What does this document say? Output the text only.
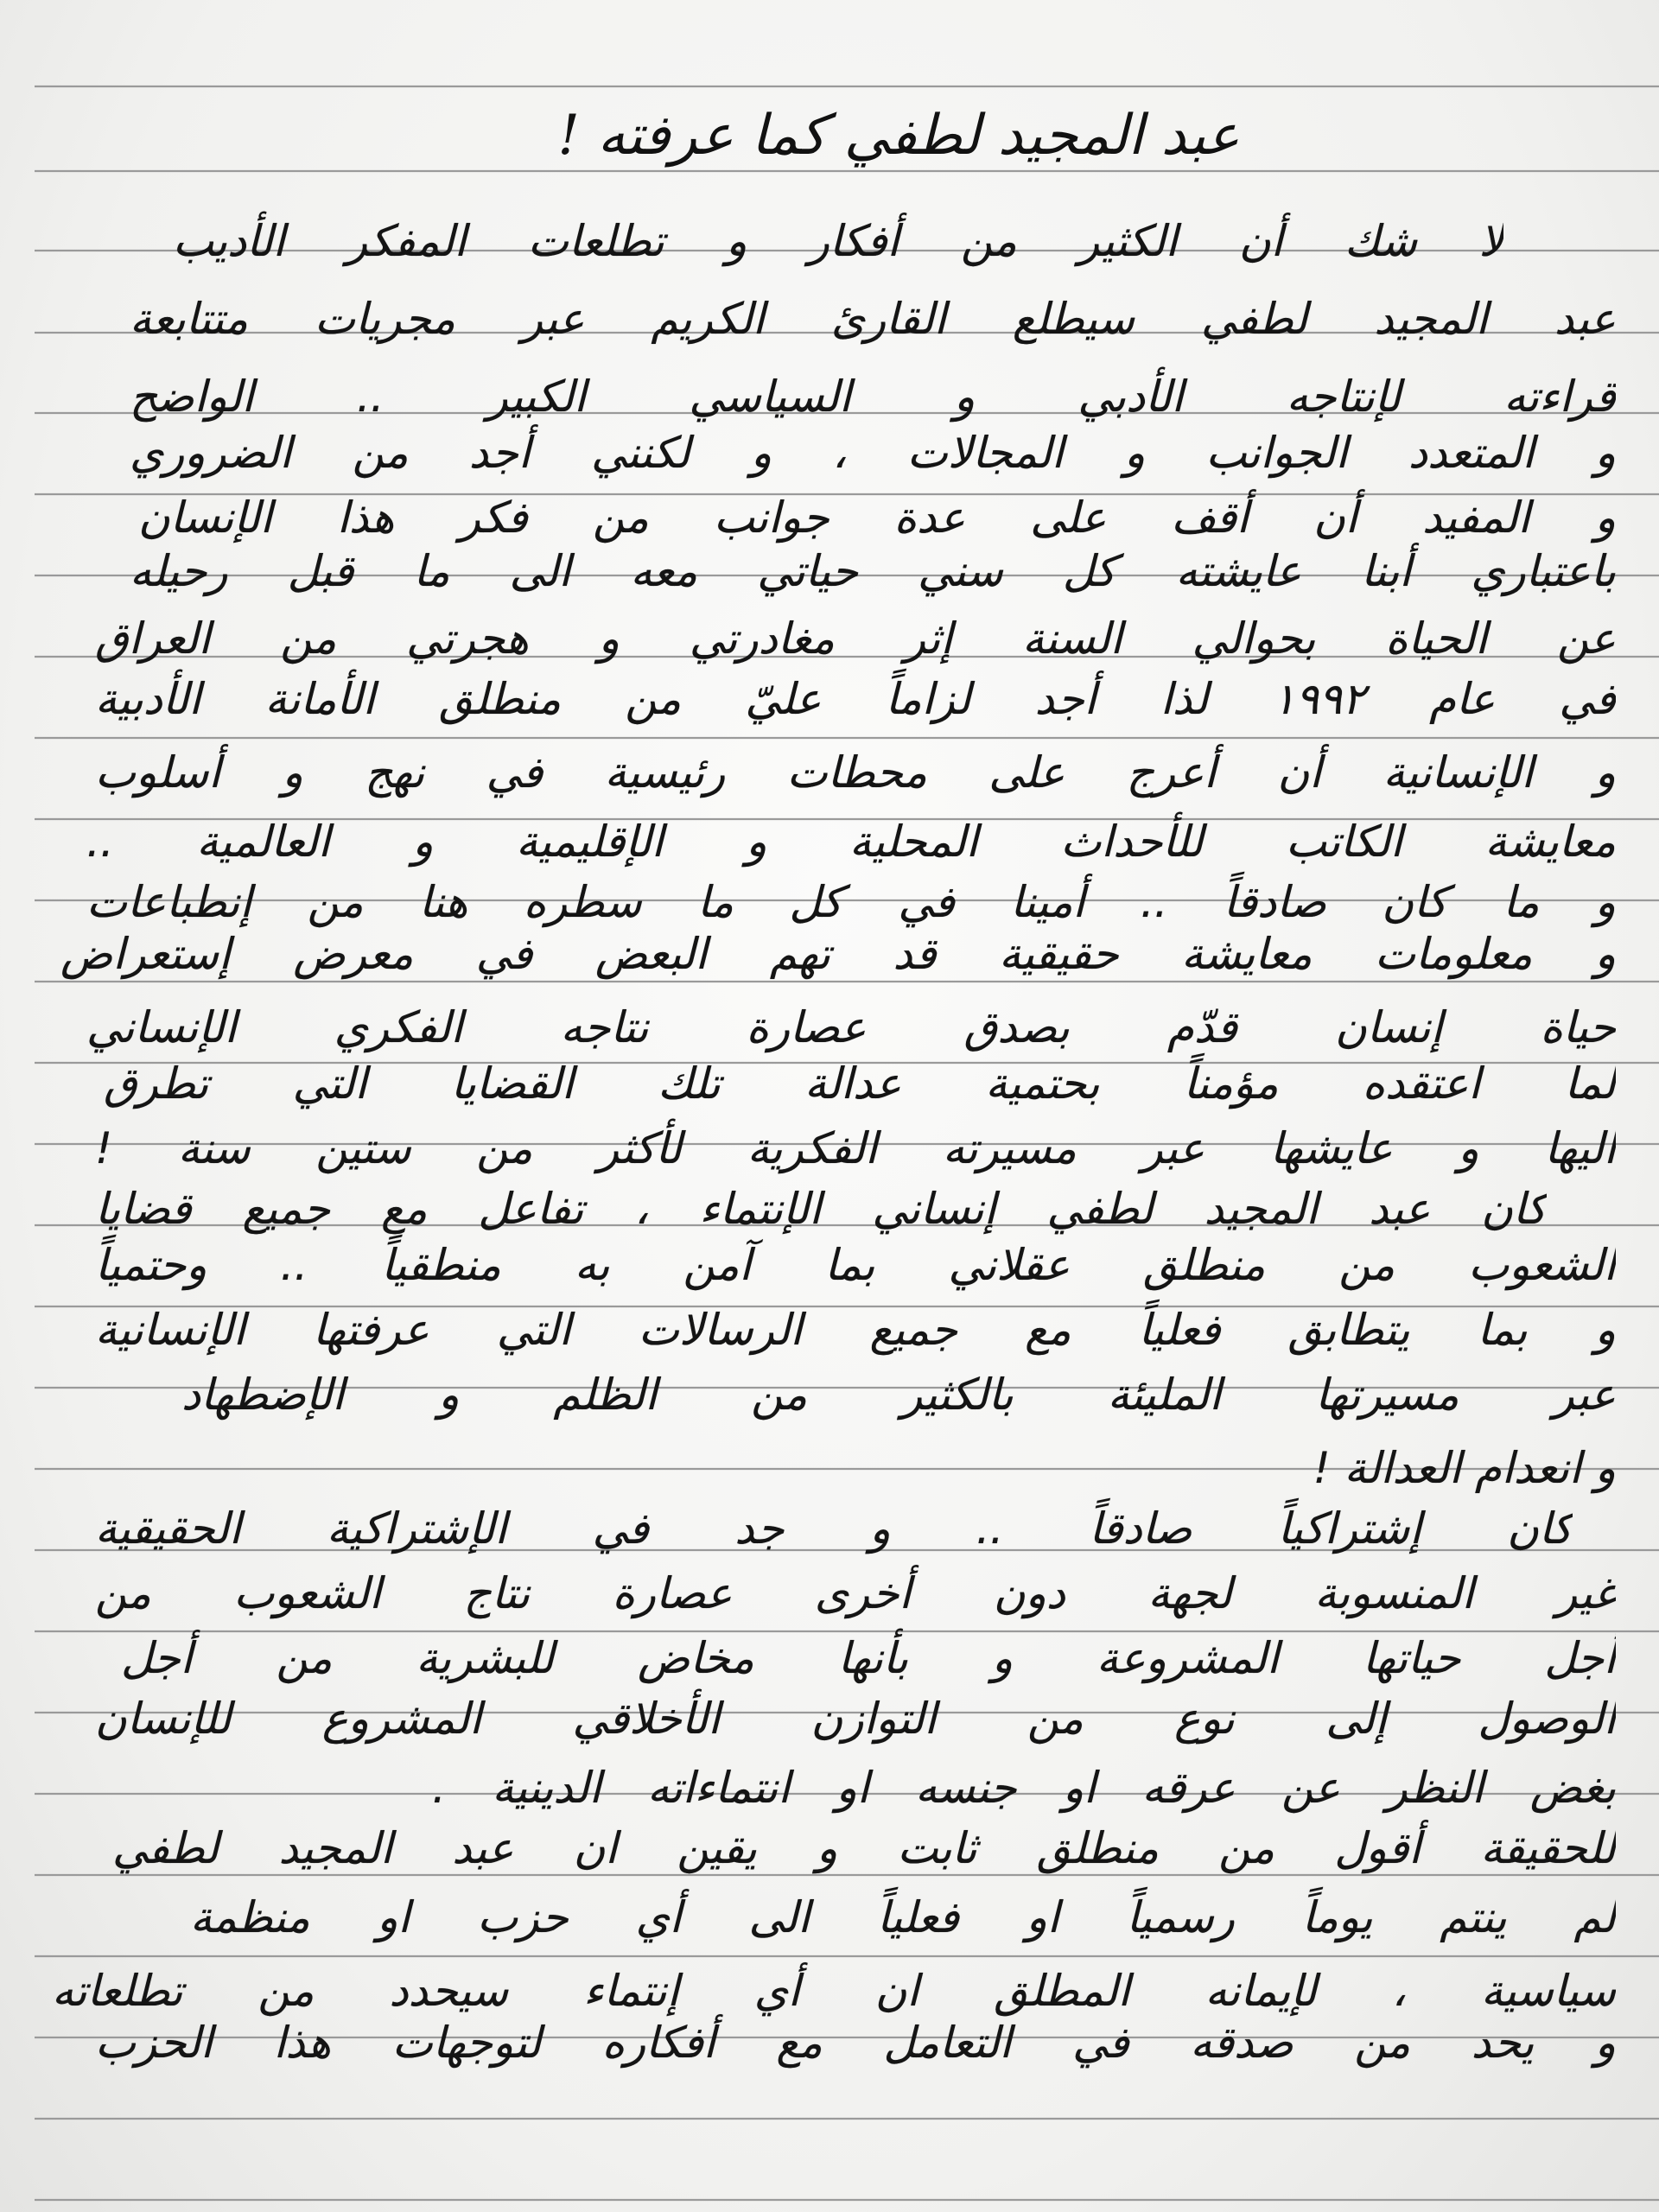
عبد المجيد لطفي كما عرفته !
لا شك أن الكثير من أفكار و تطلعات المفكر الأديب
عبد المجيد لطفي سيطلع القارئ الكريم عبر مجريات متتابعة
قراءته لإنتاجه الأدبي و السياسي الكبير .. الواضح
و المتعدد الجوانب و المجالات ، و لكنني أجد من الضروري
و المفيد أن أقف على عدة جوانب من فكر هذا الإنسان
باعتباري أبنا عايشته كل سني حياتي معه الى ما قبل رحيله
عن الحياة بحوالي السنة إثر مغادرتي و هجرتي من العراق
في عام ١٩٩٢ لذا أجد لزاماً عليّ من منطلق الأمانة الأدبية
و الإنسانية أن أعرج على محطات رئيسية في نهج و أسلوب
معايشة الكاتب للأحداث المحلية و الإقليمية و العالمية ..
و ما كان صادقاً .. أمينا في كل ما سطره هنا من إنطباعات
و معلومات معايشة حقيقية قد تهم البعض في معرض إستعراض
حياة إنسان قدّم بصدق عصارة نتاجه الفكري الإنساني
لما اعتقده مؤمناً بحتمية عدالة تلك القضايا التي تطرق
اليها و عايشها عبر مسيرته الفكرية لأكثر من ستين سنة !
كان عبد المجيد لطفي إنساني الإنتماء ، تفاعل مع جميع قضايا
الشعوب من منطلق عقلاني بما آمن به منطقياً .. وحتمياً
و بما يتطابق فعلياً مع جميع الرسالات التي عرفتها الإنسانية
عبر مسيرتها المليئة بالكثير من الظلم و الإضطهاد
و انعدام العدالة !
كان إشتراكياً صادقاً .. و جد في الإشتراكية الحقيقية
غير المنسوبة لجهة دون أخرى عصارة نتاج الشعوب من
أجل حياتها المشروعة و بأنها مخاض للبشرية من أجل
الوصول إلى نوع من التوازن الأخلاقي المشروع للإنسان
بغض النظر عن عرقه او جنسه او انتماءاته الدينية .
للحقيقة أقول من منطلق ثابت و يقين ان عبد المجيد لطفي
لم ينتم يوماً رسمياً او فعلياً الى أي حزب او منظمة
سياسية ، لإيمانه المطلق ان أي إنتماء سيحدد من تطلعاته
و يحد من صدقه في التعامل مع أفكاره لتوجهات هذا الحزب
